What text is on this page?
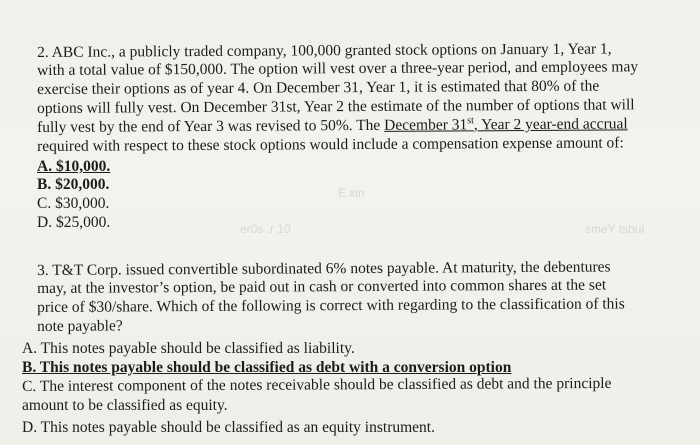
E xin
er0s .r 10	smeY tsbul
2. ABC Inc., a publicly traded company, 100,000 granted stock options on January 1, Year 1,
with a total value of $150,000. The option will vest over a three-year period, and employees may
exercise their options as of year 4. On December 31, Year 1, it is estimated that 80% of the
options will fully vest. On December 31st, Year 2 the estimate of the number of options that will
fully vest by the end of Year 3 was revised to 50%. The December 31st, Year 2 year-end accrual
required with respect to these stock options would include a compensation expense amount of:
A. $10,000.
B. $20,000.
C. $30,000.
D. $25,000.
3. T&T Corp. issued convertible subordinated 6% notes payable. At maturity, the debentures
may, at the investor’s option, be paid out in cash or converted into common shares at the set
price of $30/share. Which of the following is correct with regarding to the classification of this
note payable?
A. This notes payable should be classified as liability.
B. This notes payable should be classified as debt with a conversion option
C. The interest component of the notes receivable should be classified as debt and the principle
amount to be classified as equity.
D. This notes payable should be classified as an equity instrument.
